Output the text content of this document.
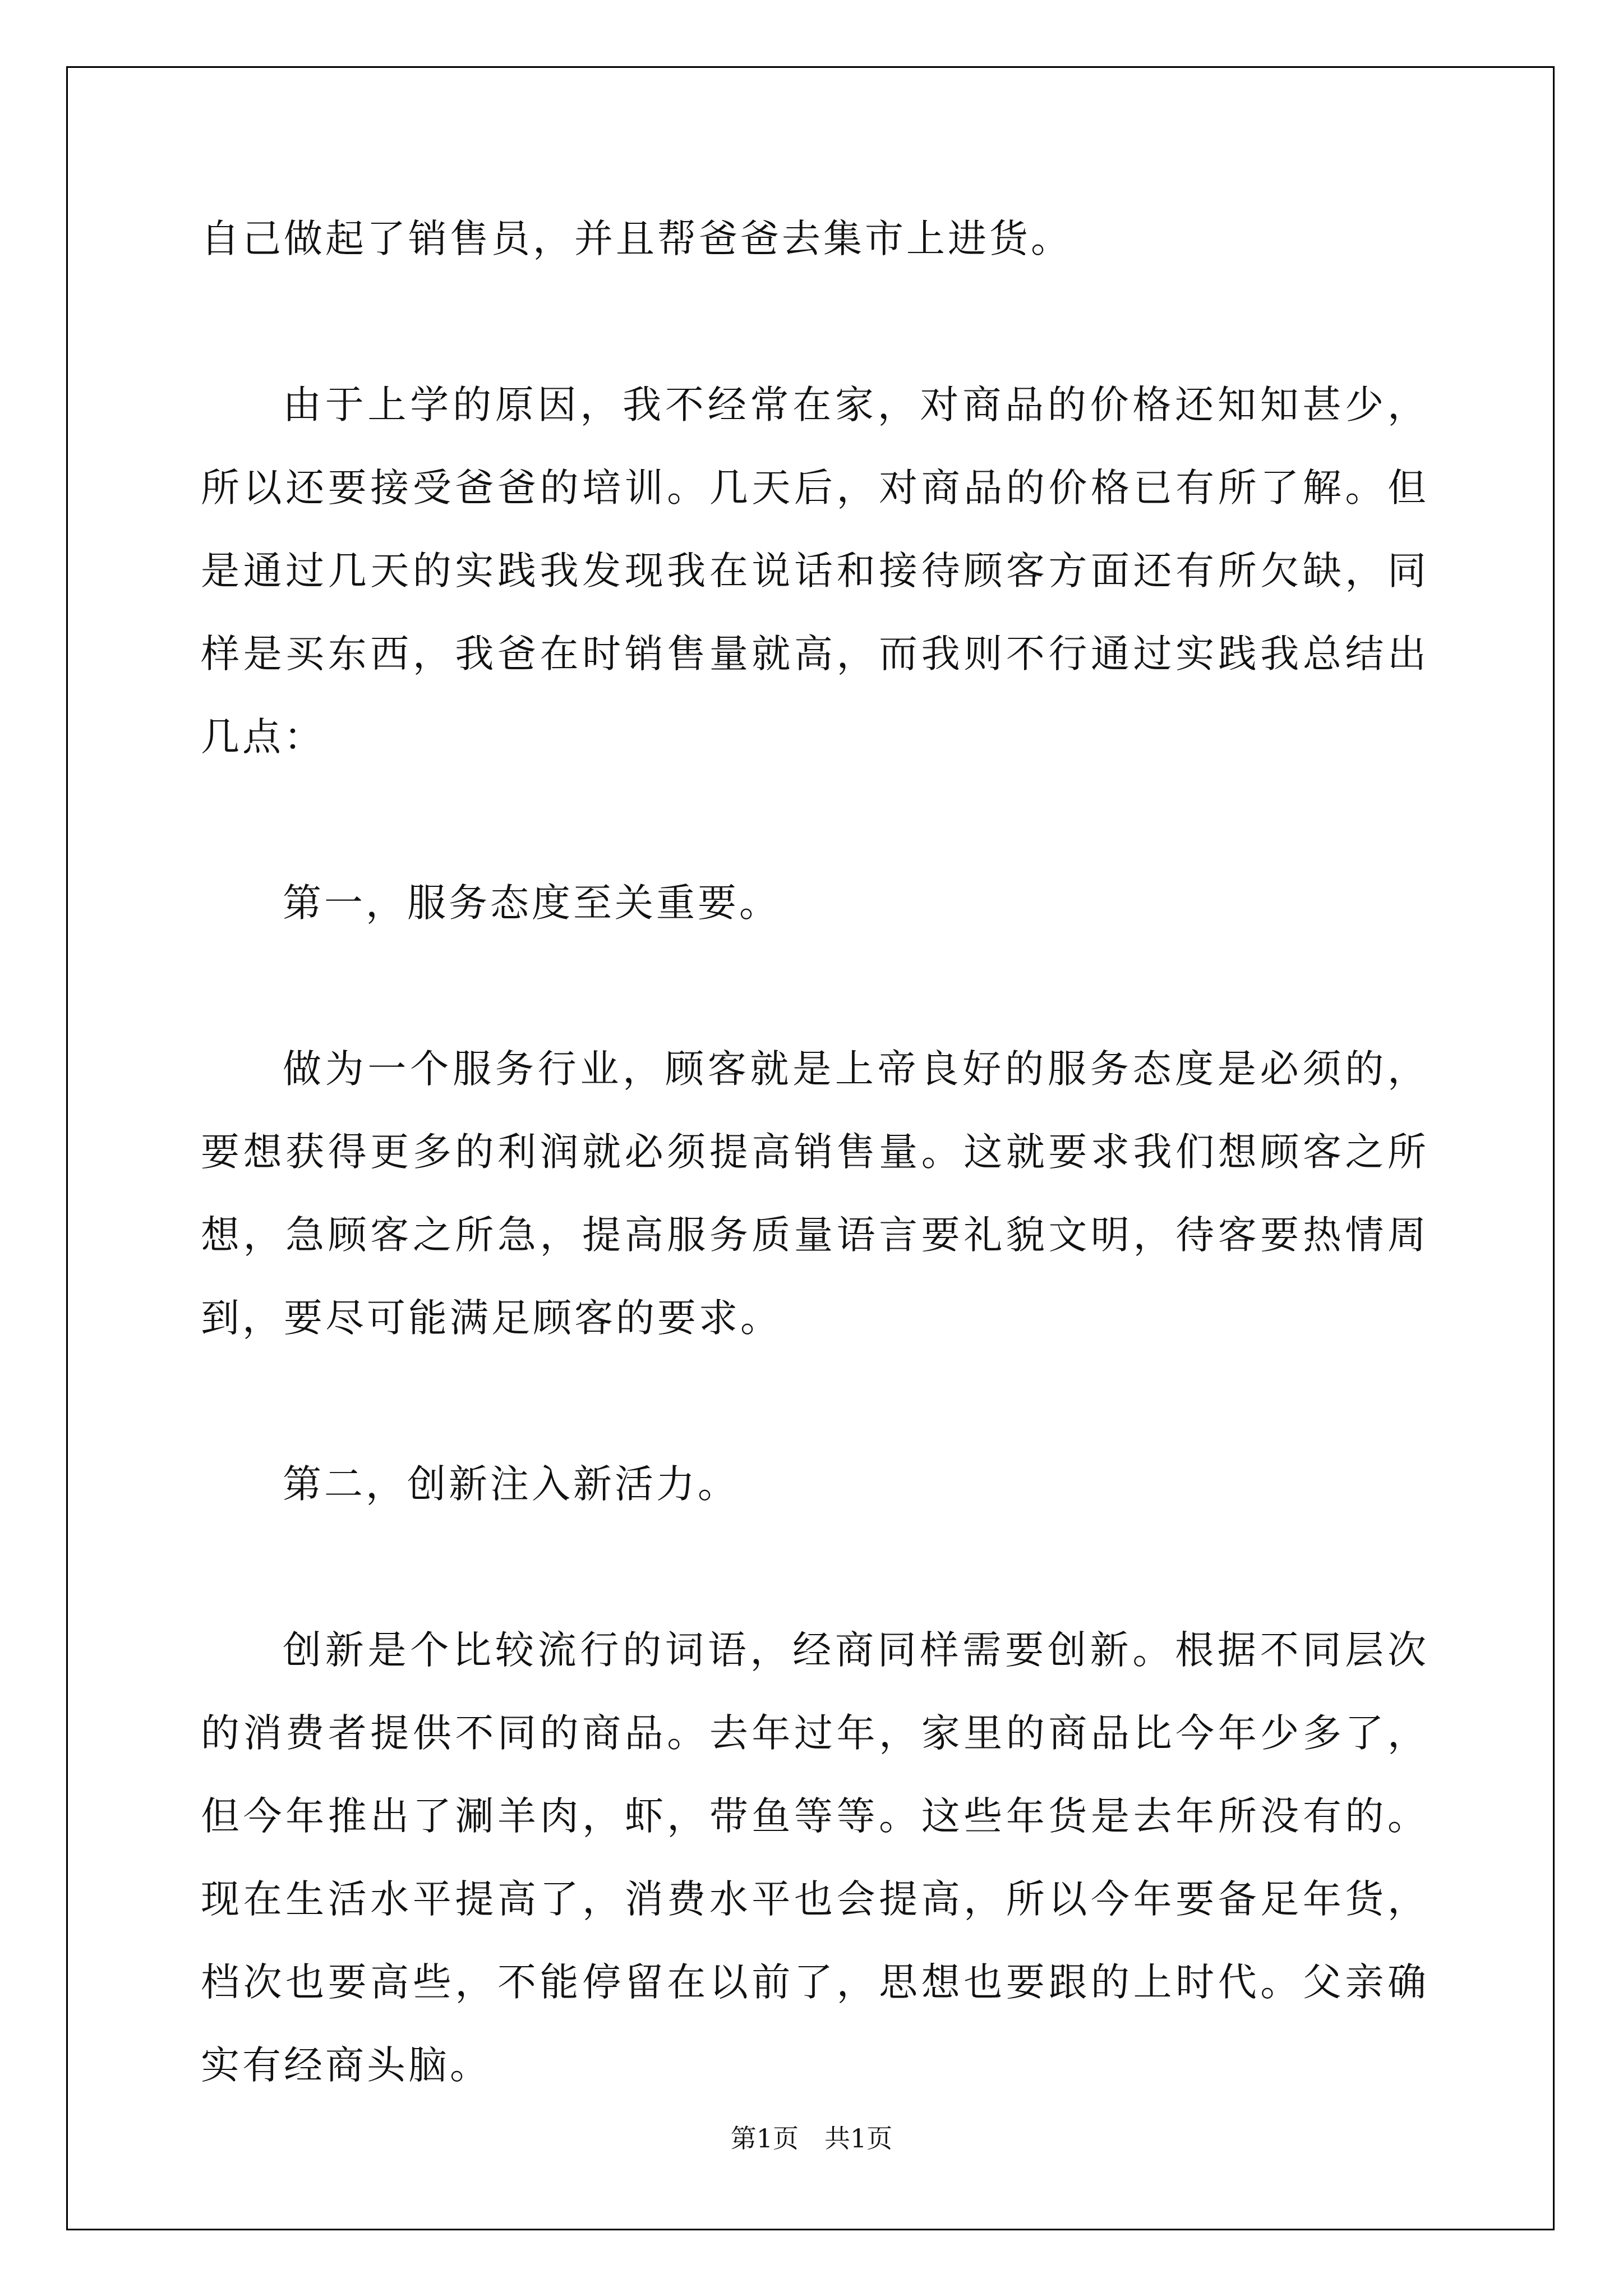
自己做起了销售员，并且帮爸爸去集市上进货。

由于上学的原因，我不经常在家，对商品的价格还知知甚少，所以还要接受爸爸的培训。几天后，对商品的价格已有所了解。但是通过几天的实践我发现我在说话和接待顾客方面还有所欠缺，同样是买东西，我爸在时销售量就高，而我则不行通过实践我总结出几点：

第一，服务态度至关重要。

做为一个服务行业，顾客就是上帝良好的服务态度是必须的，要想获得更多的利润就必须提高销售量。这就要求我们想顾客之所想，急顾客之所急，提高服务质量语言要礼貌文明，待客要热情周到，要尽可能满足顾客的要求。

第二，创新注入新活力。

创新是个比较流行的词语，经商同样需要创新。根据不同层次的消费者提供不同的商品。去年过年，家里的商品比今年少多了，但今年推出了涮羊肉，虾，带鱼等等。这些年货是去年所没有的。现在生活水平提高了，消费水平也会提高，所以今年要备足年货，档次也要高些，不能停留在以前了，思想也要跟的上时代。父亲确实有经商头脑。

第1页　共1页
